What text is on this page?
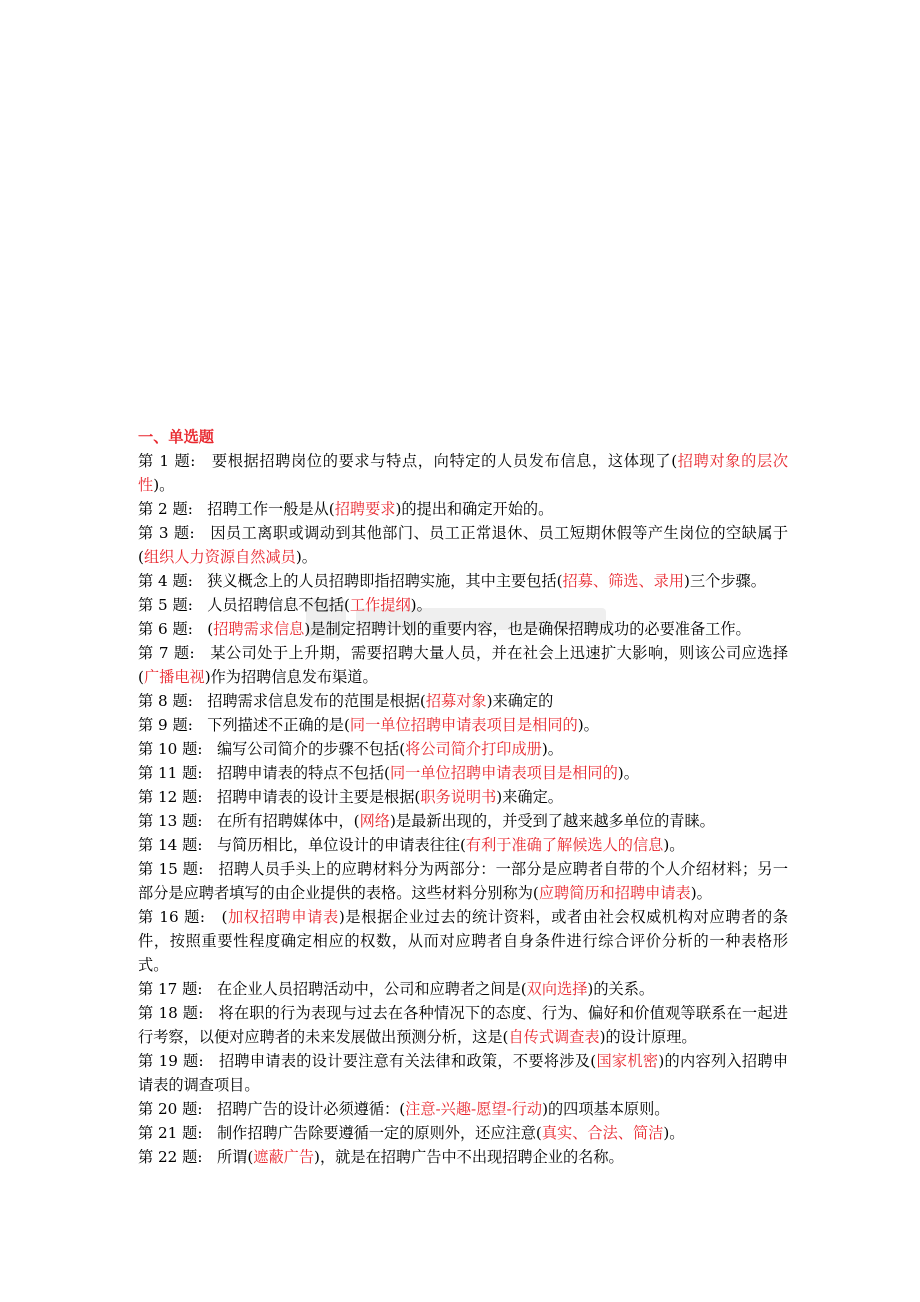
一、单选题

第 1 题: 要根据招聘岗位的要求与特点，向特定的人员发布信息，这体现了(招聘对象的层次性)。

第 2 题: 招聘工作一般是从(招聘要求)的提出和确定开始的。

第 3 题: 因员工离职或调动到其他部门、员工正常退休、员工短期休假等产生岗位的空缺属于(组织人力资源自然减员)。

第 4 题: 狭义概念上的人员招聘即指招聘实施，其中主要包括(招募、筛选、录用)三个步骤。

第 5 题: 人员招聘信息不包括(工作提纲)。

第 6 题: (招聘需求信息)是制定招聘计划的重要内容，也是确保招聘成功的必要准备工作。

第 7 题: 某公司处于上升期，需要招聘大量人员，并在社会上迅速扩大影响，则该公司应选择(广播电视)作为招聘信息发布渠道。

第 8 题: 招聘需求信息发布的范围是根据(招募对象)来确定的

第 9 题: 下列描述不正确的是(同一单位招聘申请表项目是相同的)。

第 10 题: 编写公司简介的步骤不包括(将公司简介打印成册)。

第 11 题: 招聘申请表的特点不包括(同一单位招聘申请表项目是相同的)。

第 12 题: 招聘申请表的设计主要是根据(职务说明书)来确定。

第 13 题: 在所有招聘媒体中，(网络)是最新出现的，并受到了越来越多单位的青睐。

第 14 题: 与简历相比，单位设计的申请表往往(有利于准确了解候选人的信息)。

第 15 题: 招聘人员手头上的应聘材料分为两部分：一部分是应聘者自带的个人介绍材料；另一部分是应聘者填写的由企业提供的表格。这些材料分别称为(应聘简历和招聘申请表)。

第 16 题: (加权招聘申请表)是根据企业过去的统计资料，或者由社会权威机构对应聘者的条件，按照重要性程度确定相应的权数，从而对应聘者自身条件进行综合评价分析的一种表格形式。

第 17 题: 在企业人员招聘活动中，公司和应聘者之间是(双向选择)的关系。

第 18 题: 将在职的行为表现与过去在各种情况下的态度、行为、偏好和价值观等联系在一起进行考察，以便对应聘者的未来发展做出预测分析，这是(自传式调查表)的设计原理。

第 19 题: 招聘申请表的设计要注意有关法律和政策，不要将涉及(国家机密)的内容列入招聘申请表的调查项目。

第 20 题: 招聘广告的设计必须遵循：(注意-兴趣-愿望-行动)的四项基本原则。

第 21 题: 制作招聘广告除要遵循一定的原则外，还应注意(真实、合法、简洁)。

第 22 题: 所谓(遮蔽广告)，就是在招聘广告中不出现招聘企业的名称。
